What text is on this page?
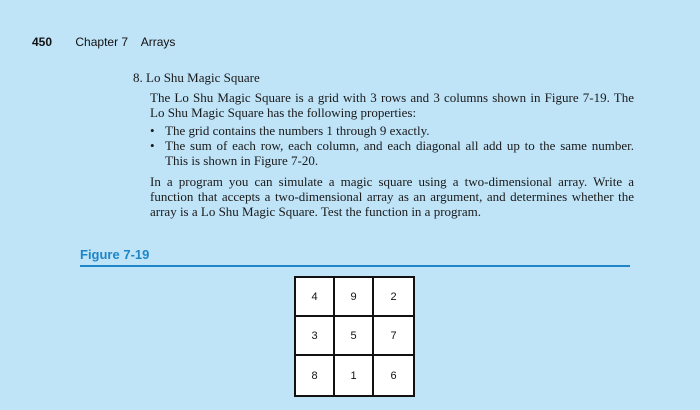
450 Chapter 7 Arrays

8. Lo Shu Magic Square

The Lo Shu Magic Square is a grid with 3 rows and 3 columns shown in Figure 7-19. The Lo Shu Magic Square has the following properties:

• The grid contains the numbers 1 through 9 exactly.
• The sum of each row, each column, and each diagonal all add up to the same number. This is shown in Figure 7-20.

In a program you can simulate a magic square using a two-dimensional array. Write a function that accepts a two-dimensional array as an argument, and determines whether the array is a Lo Shu Magic Square. Test the function in a program.

Figure 7-19
4	9	2
3	5	7
8	1	6
